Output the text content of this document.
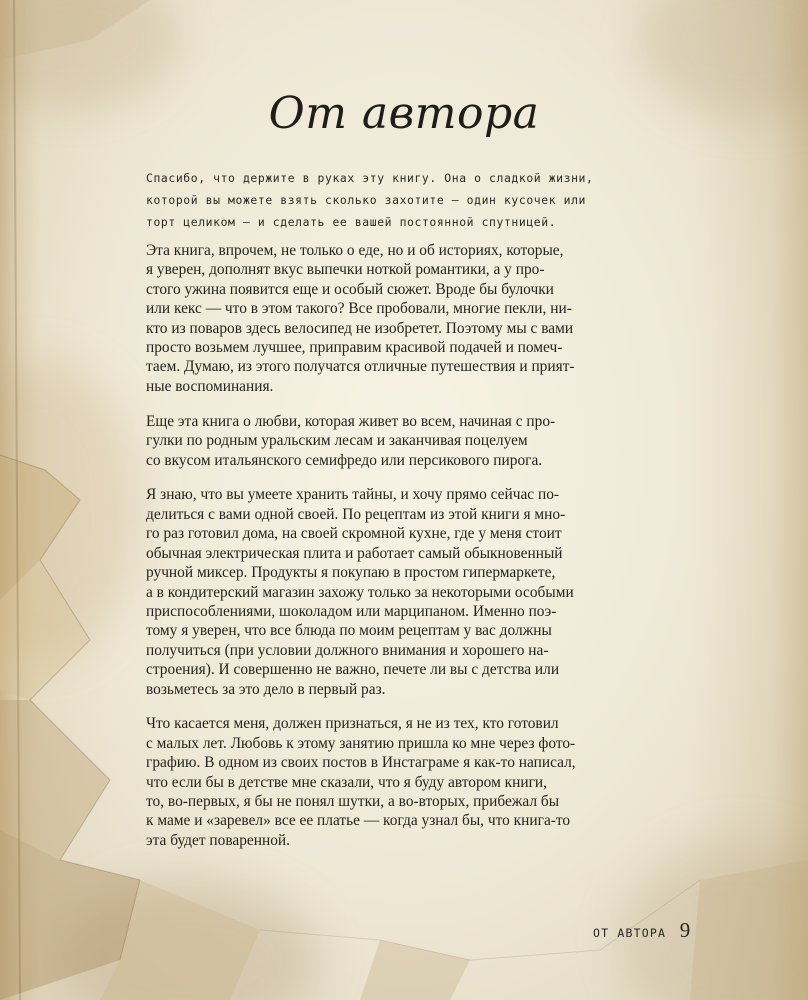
От автора
Спасибо, что держите в руках эту книгу. Она о сладкой жизни,
которой вы можете взять сколько захотите — один кусочек или
торт целиком — и сделать ее вашей постоянной спутницей.

Эта книга, впрочем, не только о еде, но и об историях, которые,
я уверен, дополнят вкус выпечки ноткой романтики, а у про-
стого ужина появится еще и особый сюжет. Вроде бы булочки
или кекс — что в этом такого? Все пробовали, многие пекли, ни-
кто из поваров здесь велосипед не изобретет. Поэтому мы с вами
просто возьмем лучшее, приправим красивой подачей и помеч-
таем. Думаю, из этого получатся отличные путешествия и прият-
ные воспоминания.

Еще эта книга о любви, которая живет во всем, начиная с про-
гулки по родным уральским лесам и заканчивая поцелуем
со вкусом итальянского семифредо или персикового пирога.

Я знаю, что вы умеете хранить тайны, и хочу прямо сейчас по-
делиться с вами одной своей. По рецептам из этой книги я мно-
го раз готовил дома, на своей скромной кухне, где у меня стоит
обычная электрическая плита и работает самый обыкновенный
ручной миксер. Продукты я покупаю в простом гипермаркете,
а в кондитерский магазин захожу только за некоторыми особыми
приспособлениями, шоколадом или марципаном. Именно поэ-
тому я уверен, что все блюда по моим рецептам у вас должны
получиться (при условии должного внимания и хорошего на-
строения). И совершенно не важно, печете ли вы с детства или
возьметесь за это дело в первый раз.

Что касается меня, должен признаться, я не из тех, кто готовил
с малых лет. Любовь к этому занятию пришла ко мне через фото-
графию. В одном из своих постов в Инстаграме я как-то написал,
что если бы в детстве мне сказали, что я буду автором книги,
то, во-первых, я бы не понял шутки, а во-вторых, прибежал бы
к маме и «заревел» все ее платье — когда узнал бы, что книга-то
эта будет поваренной.

ОТ АВТОРА 9
